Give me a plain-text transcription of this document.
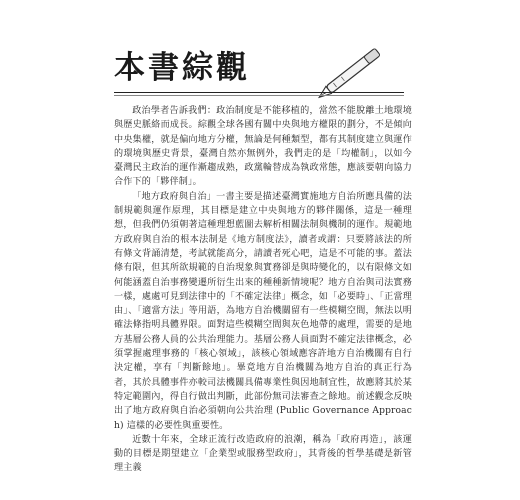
本書綜觀

政治學者告訴我們：政治制度是不能移植的，當然不能脫離土地環境與歷史脈絡而成長。綜觀全球各國有關中央與地方權限的劃分，不是傾向中央集權，就是偏向地方分權，無論是何種類型，都有其制度建立與運作的環境與歷史背景，臺灣自然亦無例外，我們走的是「均權制」，以如今臺灣民主政治的運作漸趨成熟，政黨輪替成為執政常態，應該要朝向協力合作下的「夥伴制」。

「地方政府與自治」一書主要是描述臺灣實施地方自治所應具備的法制規範與運作原理，其目標是建立中央與地方的夥伴關係，這是一種理想，但我們仍須朝著這種理想藍圖去解析相關法制與機制的運作。規範地方政府與自治的根本法制是《地方制度法》，讀者或謂：只要將該法的所有條文背誦清楚，考試就能高分，請讀者死心吧，這是不可能的事。蓋法條有限，但其所欲規範的自治現象與實務卻是與時變化的，以有限條文如何能涵蓋自治事務變遷所衍生出來的種種新情境呢？地方自治與司法實務一樣，處處可見到法律中的「不確定法律」概念，如「必要時」、「正當理由」、「適當方法」等用語，為地方自治機關留有一些模糊空間，無法以明確法條指明具體界限。面對這些模糊空間與灰色地帶的處理，需要的是地方基層公務人員的公共治理能力。基層公務人員面對不確定法律概念，必須掌握處理事務的「核心領域」，該核心領域應容許地方自治機關有自行決定權，享有「判斷餘地」。畢竟地方自治機關為地方自治的真正行為者，其於具體事件亦較司法機關具備專業性與因地制宜性，故應將其於某特定範圍內，得自行做出判斷，此部份無司法審查之餘地。前述觀念反映出了地方政府與自治必須朝向公共治理 (Public Governance Approach) 這樣的必要性與重要性。

近數十年來，全球正流行改造政府的浪潮，稱為「政府再造」，該運動的目標是期望建立「企業型或服務型政府」，其背後的哲學基礎是新管理主義
